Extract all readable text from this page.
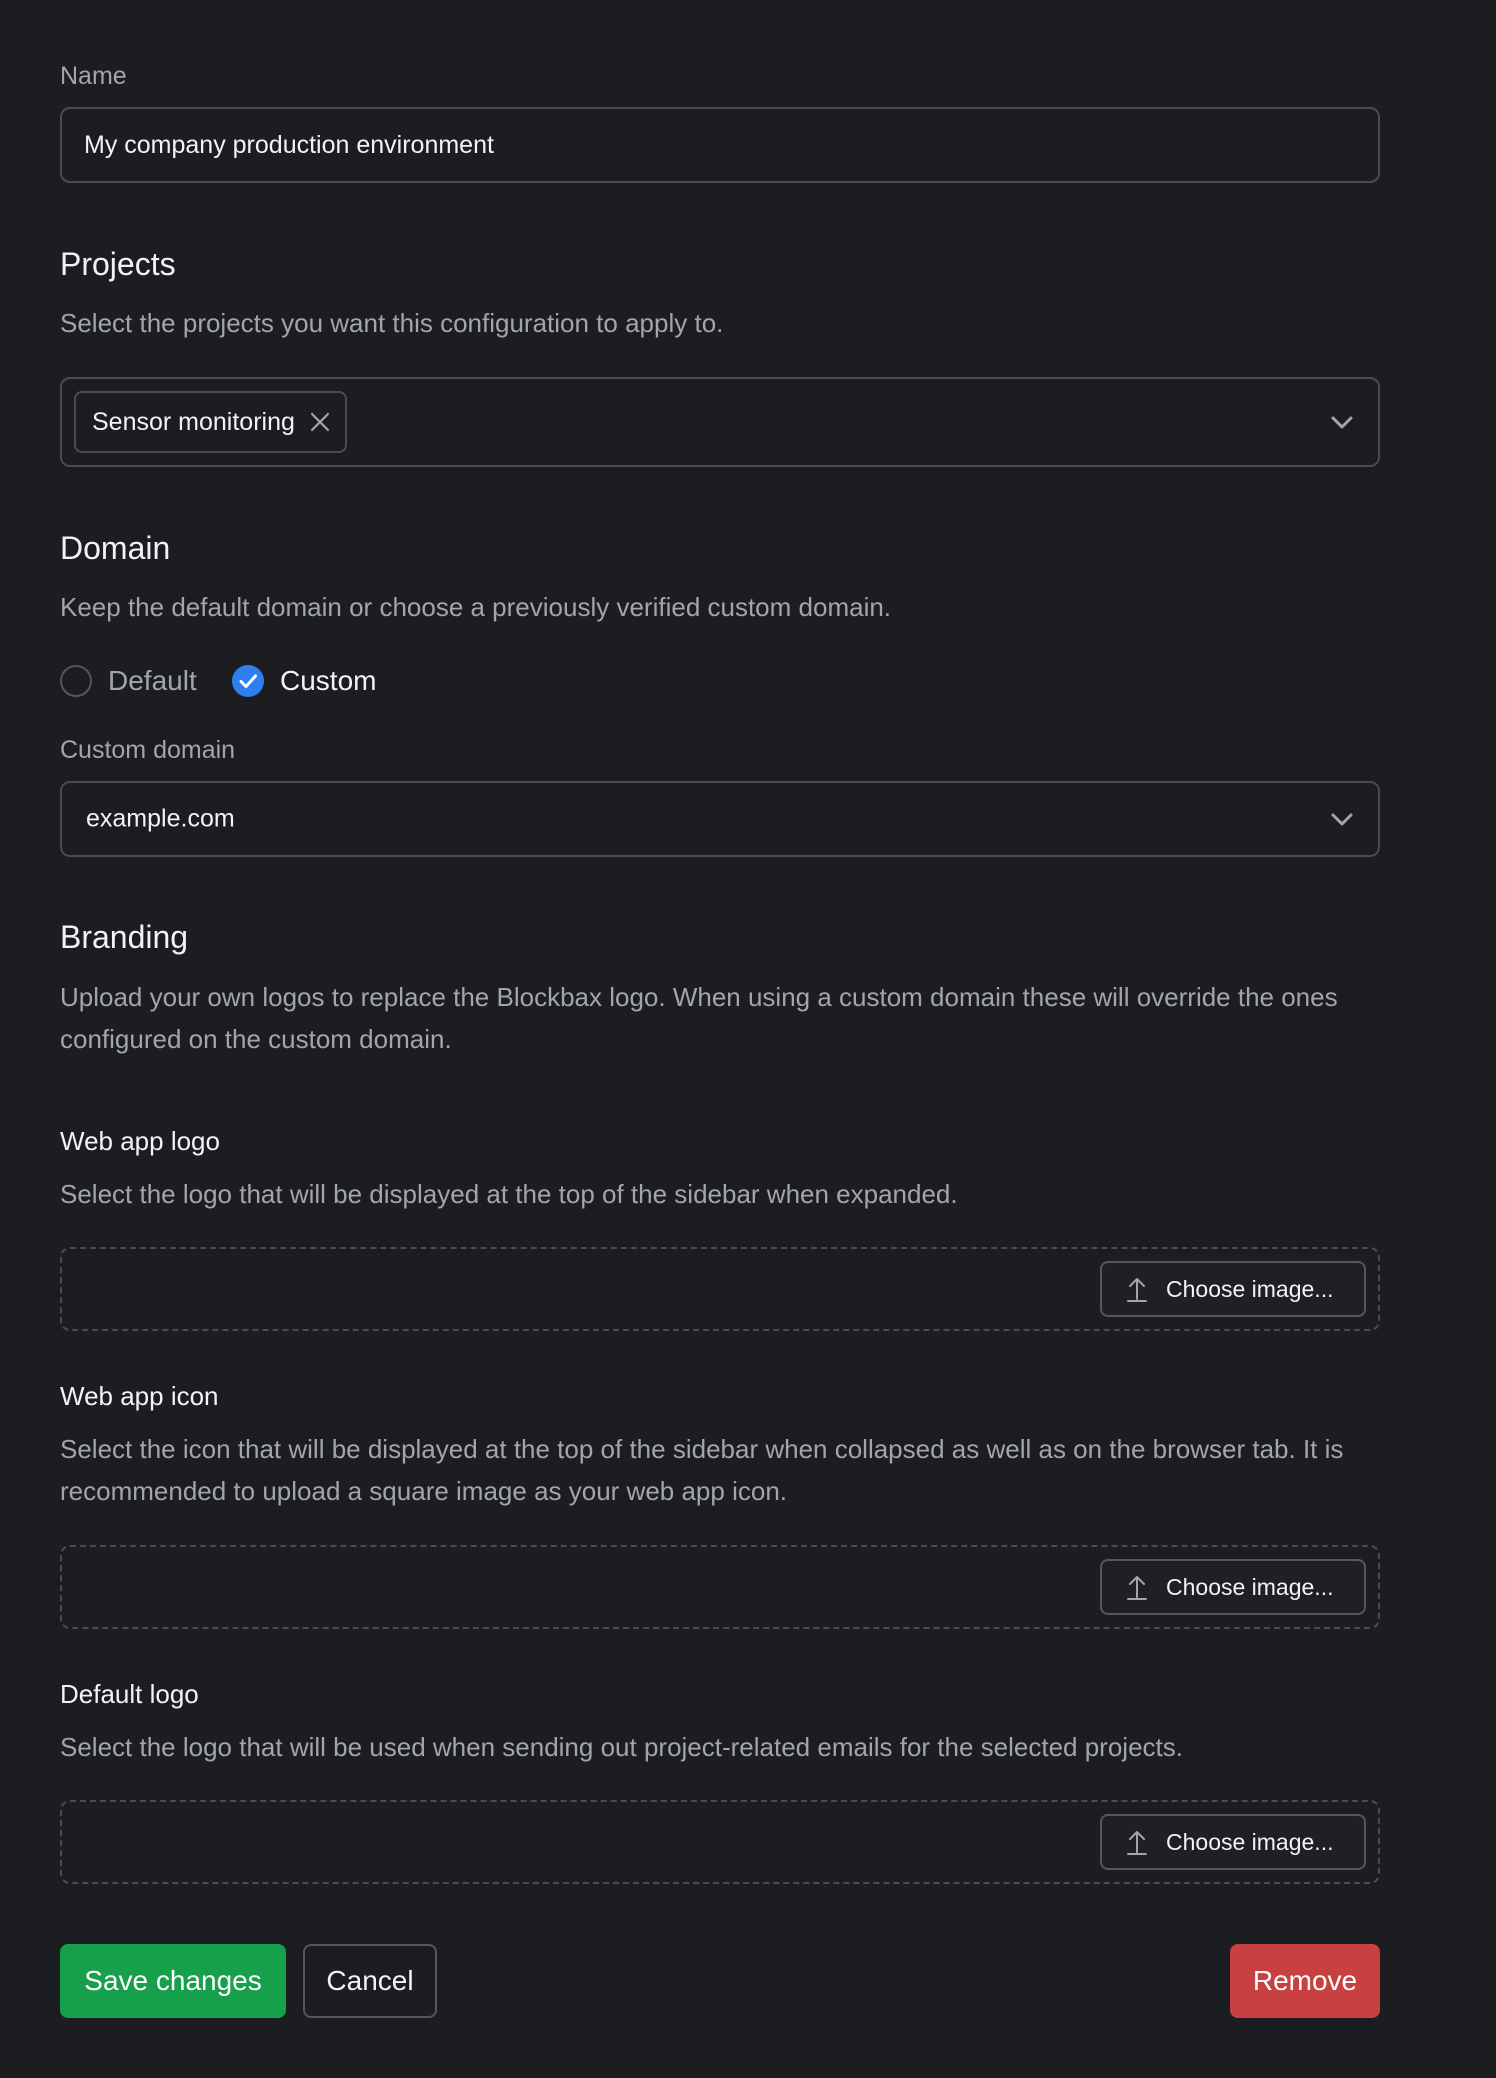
Name
My company production environment
Projects
Select the projects you want this configuration to apply to.
Sensor monitoring
Domain
Keep the default domain or choose a previously verified custom domain.
Default	Custom
Custom domain
example.com
Branding
Upload your own logos to replace the Blockbax logo. When using a custom domain these will override the ones configured on the custom domain.
Web app logo
Select the logo that will be displayed at the top of the sidebar when expanded.
Choose image...
Web app icon
Select the icon that will be displayed at the top of the sidebar when collapsed as well as on the browser tab. It is recommended to upload a square image as your web app icon.
Choose image...
Default logo
Select the logo that will be used when sending out project-related emails for the selected projects.
Choose image...
Save changes	Cancel	Remove
